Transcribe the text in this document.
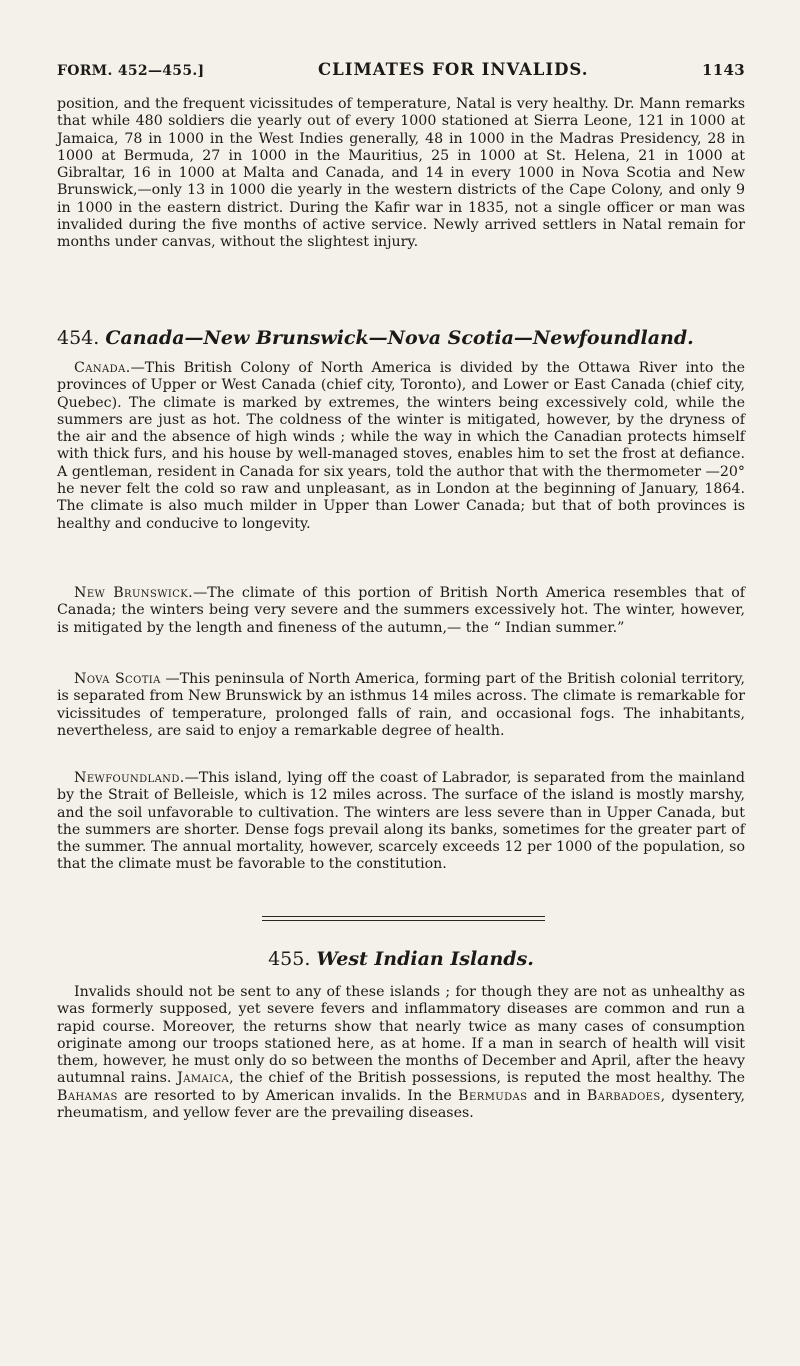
FORM. 452—455.]	CLIMATES FOR INVALIDS.	1143

position, and the frequent vicissitudes of temperature, Natal is very healthy. Dr. Mann remarks that while 480 soldiers die yearly out of every 1000 stationed at Sierra Leone, 121 in 1000 at Jamaica, 78 in 1000 in the West Indies generally, 48 in 1000 in the Madras Presidency, 28 in 1000 at Bermuda, 27 in 1000 in the Mauritius, 25 in 1000 at St. Helena, 21 in 1000 at Gibraltar, 16 in 1000 at Malta and Canada, and 14 in every 1000 in Nova Scotia and New Brunswick,—only 13 in 1000 die yearly in the western districts of the Cape Colony, and only 9 in 1000 in the eastern district. During the Kafir war in 1835, not a single officer or man was invalided during the five months of active service. Newly arrived settlers in Natal remain for months under canvas, without the slightest injury.

454. Canada—New Brunswick—Nova Scotia—Newfoundland.

Canada.—This British Colony of North America is divided by the Ottawa River into the provinces of Upper or West Canada (chief city, Toronto), and Lower or East Canada (chief city, Quebec). The climate is marked by extremes, the winters being excessively cold, while the summers are just as hot. The coldness of the winter is mitigated, however, by the dryness of the air and the absence of high winds ; while the way in which the Canadian protects himself with thick furs, and his house by well-managed stoves, enables him to set the frost at defiance. A gentleman, resident in Canada for six years, told the author that with the thermometer —20° he never felt the cold so raw and unpleasant, as in London at the beginning of January, 1864. The climate is also much milder in Upper than Lower Canada; but that of both provinces is healthy and conducive to longevity.

New Brunswick.—The climate of this portion of British North America resembles that of Canada; the winters being very severe and the summers excessively hot. The winter, however, is mitigated by the length and fineness of the autumn,— the “ Indian summer.”

Nova Scotia —This peninsula of North America, forming part of the British colonial territory, is separated from New Brunswick by an isthmus 14 miles across. The climate is remarkable for vicissitudes of temperature, prolonged falls of rain, and occasional fogs. The inhabitants, nevertheless, are said to enjoy a remarkable degree of health.

Newfoundland.—This island, lying off the coast of Labrador, is separated from the mainland by the Strait of Belleisle, which is 12 miles across. The surface of the island is mostly marshy, and the soil unfavorable to cultivation. The winters are less severe than in Upper Canada, but the summers are shorter. Dense fogs prevail along its banks, sometimes for the greater part of the summer. The annual mortality, however, scarcely exceeds 12 per 1000 of the population, so that the climate must be favorable to the constitution.

455. West Indian Islands.

Invalids should not be sent to any of these islands ; for though they are not as unhealthy as was formerly supposed, yet severe fevers and inflammatory diseases are common and run a rapid course. Moreover, the returns show that nearly twice as many cases of consumption originate among our troops stationed here, as at home. If a man in search of health will visit them, however, he must only do so between the months of December and April, after the heavy autumnal rains. Jamaica, the chief of the British possessions, is reputed the most healthy. The Bahamas are resorted to by American invalids. In the Bermudas and in Barbadoes, dysentery, rheumatism, and yellow fever are the prevailing diseases.
